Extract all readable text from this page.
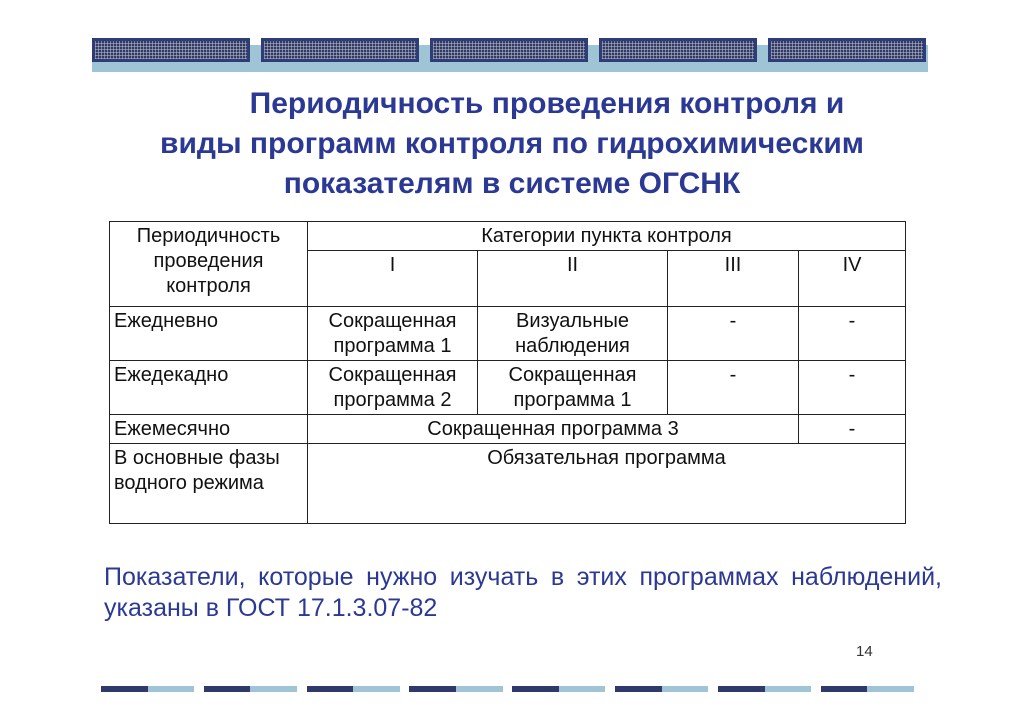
Периодичность проведения контроля и
виды программ контроля по гидрохимическим
показателям в системе ОГСНК
Периодичность проведения контроля	Категории пункта контроля			
	I	II	III	IV
Ежедневно	Сокращенная программа 1	Визуальные наблюдения	-	-
Ежедекадно	Сокращенная программа 2	Сокращенная программа 1	-	-
Ежемесячно	Сокращенная программа 3			-
В основные фазы водного режима	Обязательная программа			

Показатели, которые нужно изучать в этих программах наблюдений, указаны в ГОСТ 17.1.3.07-82

14
